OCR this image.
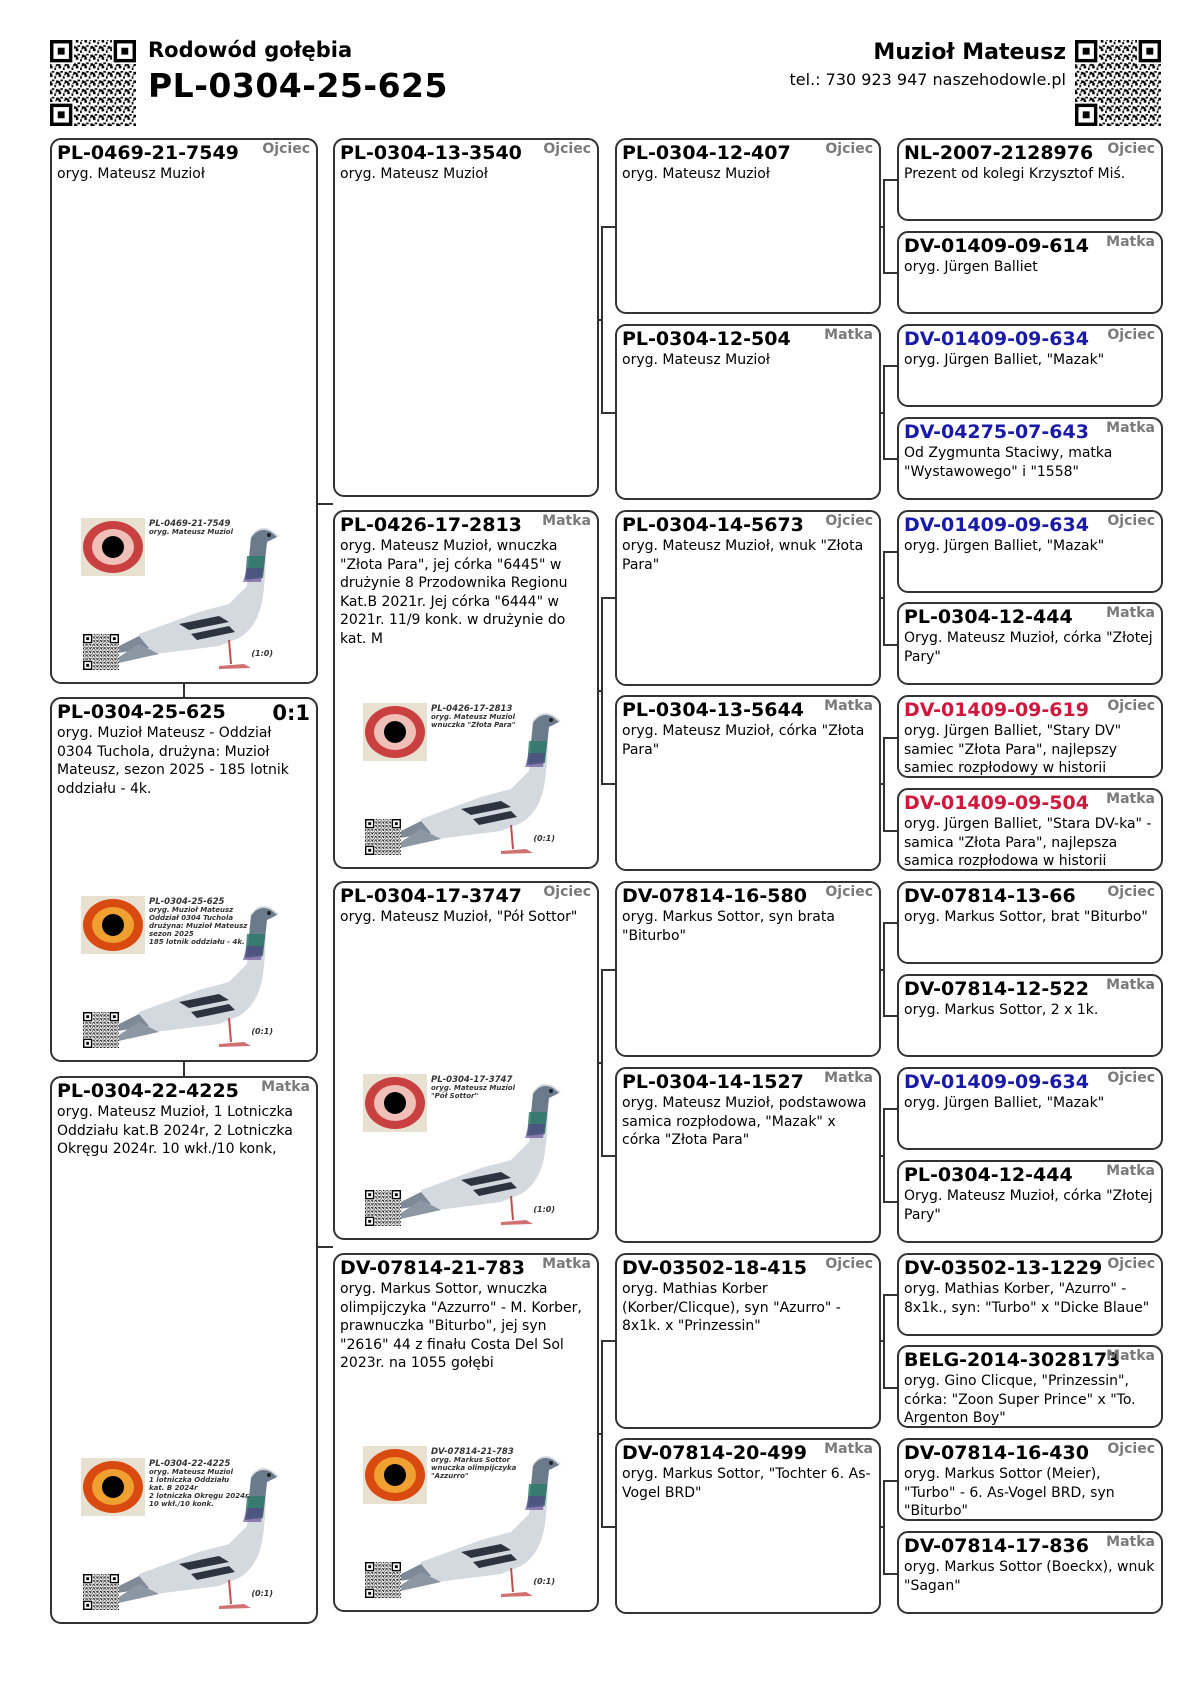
Rodowód gołębia
PL-0304-25-625
Muzioł Mateusz
tel.: 730 923 947 naszehodowle.pl
PL-0469-21-7549	Ojciec
oryg. Mateusz Muzioł
PL-0469-21-7549
oryg. Mateusz Muziol
(1:0)
PL-0304-25-625	0:1
oryg. Muzioł Mateusz - Oddział 0304 Tuchola, drużyna: Muzioł Mateusz, sezon 2025 - 185 lotnik oddziału - 4k.
PL-0304-25-625
oryg. Muzioł Mateusz
Oddział 0304 Tuchola
drużyna: Muzioł Mateusz
sezon 2025
185 lotnik oddziału - 4k.
(0:1)
PL-0304-22-4225	Matka
oryg. Mateusz Muzioł, 1 Lotniczka Oddziału kat.B 2024r, 2 Lotniczka Okręgu 2024r. 10 wkł./10 konk,
PL-0304-22-4225
oryg. Mateusz Muziol
1 lotniczka Oddziału
kat. B 2024r
2 lotniczka Okręgu 2024r.
10 wkł./10 konk.
(0:1)
PL-0304-13-3540	Ojciec
oryg. Mateusz Muzioł
PL-0426-17-2813	Matka
oryg. Mateusz Muzioł, wnuczka "Złota Para", jej córka "6445" w drużynie 8 Przodownika Regionu Kat.B 2021r. Jej córka "6444" w 2021r. 11/9 konk. w drużynie do kat. M
PL-0426-17-2813
oryg. Mateusz Muziol
wnuczka "Złota Para"
(0:1)
PL-0304-17-3747	Ojciec
oryg. Mateusz Muzioł, "Pół Sottor"
PL-0304-17-3747
oryg. Mateusz Muziol
"Pół Sottor"
(1:0)
DV-07814-21-783	Matka
oryg. Markus Sottor, wnuczka olimpijczyka "Azzurro" - M. Korber, prawnuczka "Biturbo", jej syn "2616" 44 z finału Costa Del Sol 2023r. na 1055 gołębi
DV-07814-21-783
oryg. Markus Sottor
wnuczka olimpijczyka
"Azzurro"
(0:1)
PL-0304-12-407	Ojciec
oryg. Mateusz Muzioł
PL-0304-12-504	Matka
oryg. Mateusz Muzioł
PL-0304-14-5673	Ojciec
oryg. Mateusz Muzioł, wnuk "Złota Para"
PL-0304-13-5644	Matka
oryg. Mateusz Muzioł, córka "Złota Para"
DV-07814-16-580	Ojciec
oryg. Markus Sottor, syn brata "Biturbo"
PL-0304-14-1527	Matka
oryg. Mateusz Muzioł, podstawowa samica rozpłodowa, "Mazak" x córka "Złota Para"
DV-03502-18-415	Ojciec
oryg. Mathias Korber (Korber/Clicque), syn "Azurro" - 8x1k. x "Prinzessin"
DV-07814-20-499	Matka
oryg. Markus Sottor, "Tochter 6. As-Vogel BRD"
NL-2007-2128976	Ojciec
Prezent od kolegi Krzysztof Miś.
DV-01409-09-614	Matka
oryg. Jürgen Balliet
DV-01409-09-634	Ojciec
oryg. Jürgen Balliet, "Mazak"
DV-04275-07-643	Matka
Od Zygmunta Staciwy, matka "Wystawowego" i "1558"
DV-01409-09-634	Ojciec
oryg. Jürgen Balliet, "Mazak"
PL-0304-12-444	Matka
Oryg. Mateusz Muzioł, córka "Złotej Pary"
DV-01409-09-619	Ojciec
oryg. Jürgen Balliet, "Stary DV" samiec "Złota Para", najlepszy samiec rozpłodowy w historii
DV-01409-09-504	Matka
oryg. Jürgen Balliet, "Stara DV-ka" - samica "Złota Para", najlepsza samica rozpłodowa w historii
DV-07814-13-66	Ojciec
oryg. Markus Sottor, brat "Biturbo"
DV-07814-12-522	Matka
oryg. Markus Sottor, 2 x 1k.
DV-01409-09-634	Ojciec
oryg. Jürgen Balliet, "Mazak"
PL-0304-12-444	Matka
Oryg. Mateusz Muzioł, córka "Złotej Pary"
DV-03502-13-1229 Ojciec
oryg. Mathias Korber, "Azurro" - 8x1k., syn: "Turbo" x "Dicke Blaue"
BELG-2014-3028173
Matka
oryg. Gino Clicque, "Prinzessin", córka: "Zoon Super Prince" x "To. Argenton Boy"
DV-07814-16-430	Ojciec
oryg. Markus Sottor (Meier), "Turbo" - 6. As-Vogel BRD, syn "Biturbo"
DV-07814-17-836	Matka
oryg. Markus Sottor (Boeckx), wnuk "Sagan"
